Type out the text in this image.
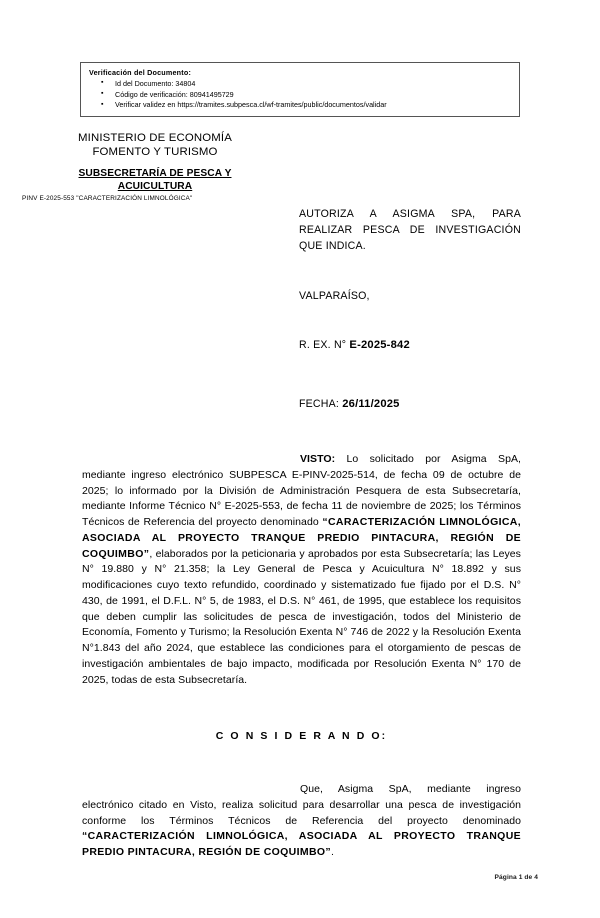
Verificación del Documento:
▪ Id del Documento: 34804
▪ Código de verificación: 80941495729
▪ Verificar validez en https://tramites.subpesca.cl/wf-tramites/public/documentos/validar
MINISTERIO DE ECONOMÍA
FOMENTO Y TURISMO
SUBSECRETARÍA DE PESCA Y
ACUICULTURA
PINV E-2025-553 "CARACTERIZACIÓN LIMNOLÓGICA"
AUTORIZA A ASIGMA SPA, PARA REALIZAR PESCA DE INVESTIGACIÓN QUE INDICA.
VALPARAÍSO,
R. EX. N° E-2025-842
FECHA: 26/11/2025
VISTO: Lo solicitado por Asigma SpA, mediante ingreso electrónico SUBPESCA E-PINV-2025-514, de fecha 09 de octubre de 2025; lo informado por la División de Administración Pesquera de esta Subsecretaría, mediante Informe Técnico N° E-2025-553, de fecha 11 de noviembre de 2025; los Términos Técnicos de Referencia del proyecto denominado “CARACTERIZACIÓN LIMNOLÓGICA, ASOCIADA AL PROYECTO TRANQUE PREDIO PINTACURA, REGIÓN DE COQUIMBO”, elaborados por la peticionaria y aprobados por esta Subsecretaría; las Leyes N° 19.880 y N° 21.358; la Ley General de Pesca y Acuicultura N° 18.892 y sus modificaciones cuyo texto refundido, coordinado y sistematizado fue fijado por el D.S. N° 430, de 1991, el D.F.L. N° 5, de 1983, el D.S. N° 461, de 1995, que establece los requisitos que deben cumplir las solicitudes de pesca de investigación, todos del Ministerio de Economía, Fomento y Turismo; la Resolución Exenta N° 746 de 2022 y la Resolución Exenta N°1.843 del año 2024, que establece las condiciones para el otorgamiento de pescas de investigación ambientales de bajo impacto, modificada por Resolución Exenta N° 170 de 2025, todas de esta Subsecretaría.
C O N S I D E R A N D O:
Que, Asigma SpA, mediante ingreso electrónico citado en Visto, realiza solicitud para desarrollar una pesca de investigación conforme los Términos Técnicos de Referencia del proyecto denominado “CARACTERIZACIÓN LIMNOLÓGICA, ASOCIADA AL PROYECTO TRANQUE PREDIO PINTACURA, REGIÓN DE COQUIMBO”.
Página 1 de 4
